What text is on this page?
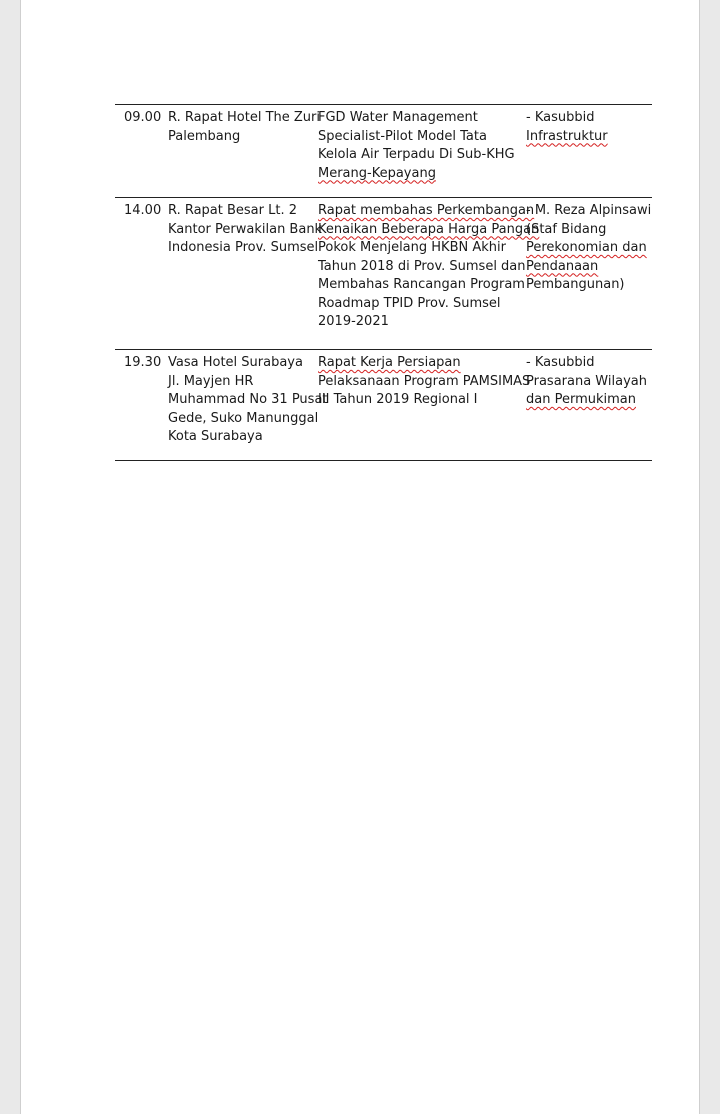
09.00 R. Rapat Hotel The Zuri
Palembang
FGD Water Management
Specialist-Pilot Model Tata
Kelola Air Terpadu Di Sub-KHG
Merang-Kepayang
- Kasubbid
Infrastruktur
14.00 R. Rapat Besar Lt. 2
Kantor Perwakilan Bank
Indonesia Prov. Sumsel
Rapat membahas Perkembangan
Kenaikan Beberapa Harga Pangan
Pokok Menjelang HKBN Akhir
Tahun 2018 di Prov. Sumsel dan
Membahas Rancangan Program
Roadmap TPID Prov. Sumsel
2019-2021
- M. Reza Alpinsawi
(Staf Bidang
Perekonomian dan
Pendanaan
Pembangunan)
19.30 Vasa Hotel Surabaya
Jl. Mayjen HR
Muhammad No 31 Pusat
Gede, Suko Manunggal
Kota Surabaya
Rapat Kerja Persiapan
Pelaksanaan Program PAMSIMAS
III Tahun 2019 Regional I
- Kasubbid
Prasarana Wilayah
dan Permukiman
